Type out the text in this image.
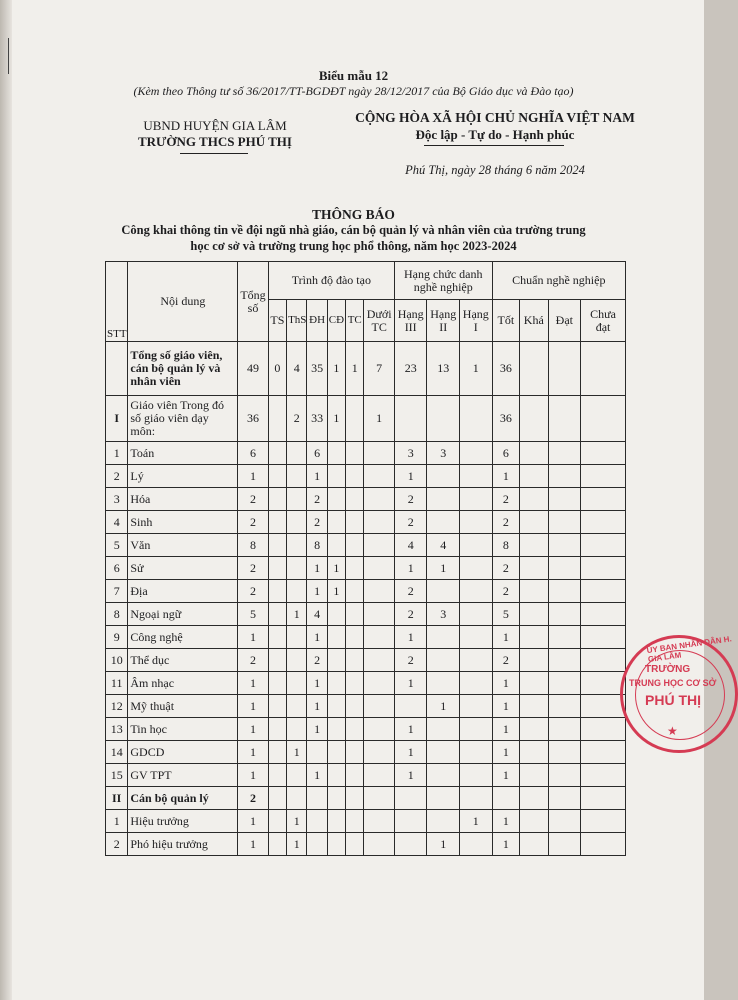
Biểu mẫu 12
(Kèm theo Thông tư số 36/2017/TT-BGDĐT ngày 28/12/2017 của Bộ Giáo dục và Đào tạo)
UBND HUYỆN GIA LÂM
TRƯỜNG THCS PHÚ THỊ
CỘNG HÒA XÃ HỘI CHỦ NGHĨA VIỆT NAM
Độc lập - Tự do - Hạnh phúc
Phú Thị, ngày 28 tháng 6 năm 2024
THÔNG BÁO
Công khai thông tin về đội ngũ nhà giáo, cán bộ quản lý và nhân viên của trường trung
học cơ sở và trường trung học phổ thông, năm học 2023-2024
STT	Nội dung	Tổng số	Trình độ đào tạo						Hạng chức danh nghề nghiệp			Chuẩn nghề nghiệp			
			TS	ThS	ĐH	CĐ	TC	Dưới TC	Hạng III	Hạng II	Hạng I	Tốt	Khá	Đạt	Chưa đạt
	Tổng số giáo viên, cán bộ quản lý và nhân viên	49	0	4	35	1	1	7	23	13	1	36			
I	Giáo viên Trong đó số giáo viên dạy môn:	36		2	33	1		1				36			
1	Toán	6			6				3	3		6			
2	Lý	1			1				1			1			
3	Hóa	2			2				2			2			
4	Sinh	2			2				2			2			
5	Văn	8			8				4	4		8			
6	Sử	2			1	1			1	1		2			
7	Địa	2			1	1			2			2			
8	Ngoại ngữ	5		1	4				2	3		5			
9	Công nghệ	1			1				1			1			
10	Thể dục	2			2				2			2			
11	Âm nhạc	1			1				1			1			
12	Mỹ thuật	1			1					1		1			
13	Tin học	1			1				1			1			
14	GDCD	1		1					1			1			
15	GV TPT	1			1				1			1			
II	Cán bộ quản lý	2													
1	Hiệu trưởng	1		1							1	1			
2	Phó hiệu trưởng	1		1						1		1			
ỦY BAN NHÂN DÂN H. GIA LÂM
TRƯỜNG
TRUNG HỌC CƠ SỞ
PHÚ THỊ
★
